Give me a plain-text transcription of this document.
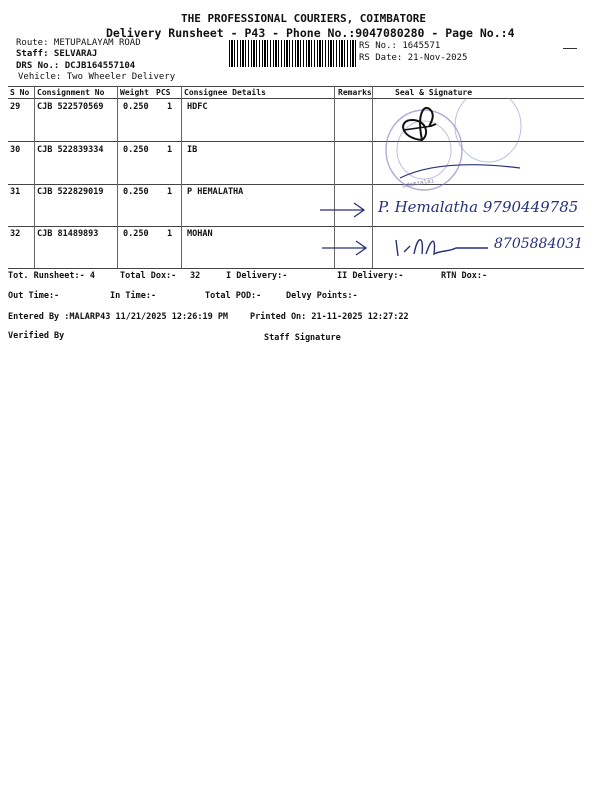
THE PROFESSIONAL COURIERS, COIMBATORE
Delivery Runsheet - P43 - Phone No.:9047080280 - Page No.:4
Route: METUPALAYAM ROAD
Staff: SELVARAJ
DRS No.: DCJB164557104
Vehicle: Two Wheeler Delivery
RS No.: 1645571
RS Date: 21-Nov-2025
S No Consignment No Weight PCS Consignee Details	Remarks	Seal & Signature
29 CJB 522570569 0.250 1 HDFC
30 CJB 522839334 0.250 1 IB
31 CJB 522829019 0.250 1 P HEMALATHA
32 CJB 81489893	0.250 1 MOHAN
udamzalai
P. Hemalatha 9790449785
8705884031
Tot. Runsheet:- 4	Total Dox:- 32	I Delivery:-	II Delivery:-	RTN Dox:-
Out Time:-	In Time:-	Total POD:-	Delvy Points:-
Entered By :MALARP43 11/21/2025 12:26:19 PM	Printed On: 21-11-2025 12:27:22
Verified By	Staff Signature
